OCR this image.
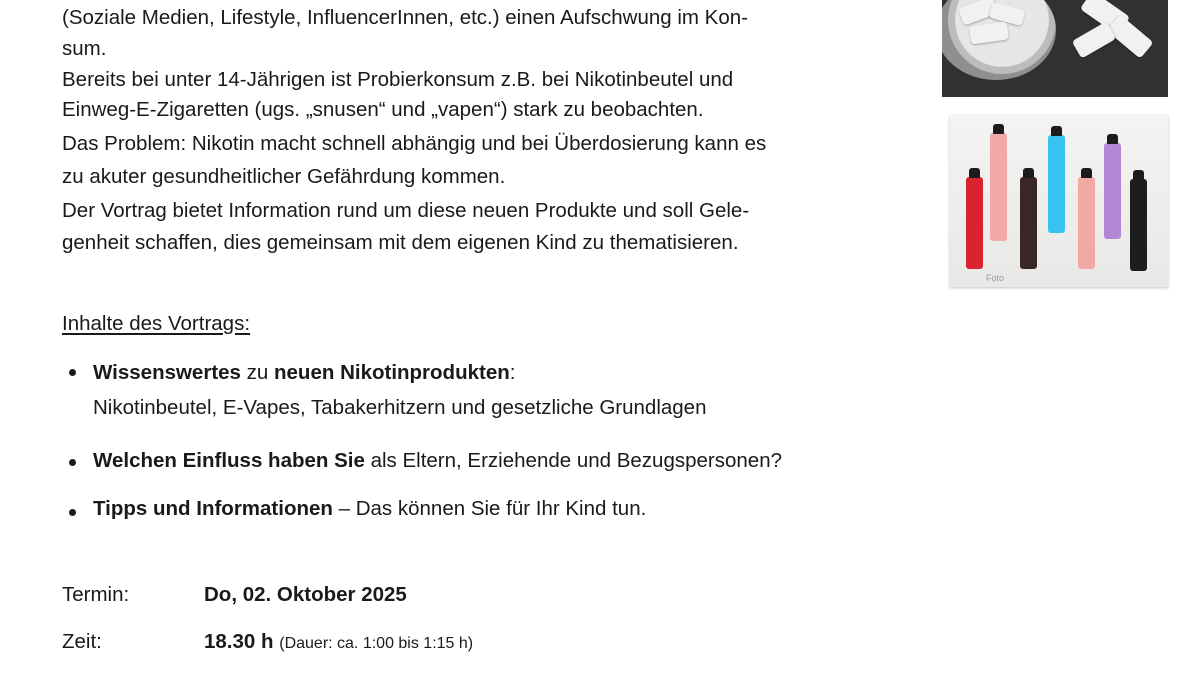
(Soziale Medien, Lifestyle, InfluencerInnen, etc.) einen Aufschwung im Kon-
sum.
Bereits bei unter 14-Jährigen ist Probierkonsum z.B. bei Nikotinbeutel und
Einweg-E-Zigaretten (ugs. „snusen“ und „vapen“) stark zu beobachten.
Das Problem: Nikotin macht schnell abhängig und bei Überdosierung kann es
zu akuter gesundheitlicher Gefährdung kommen.
Der Vortrag bietet Information rund um diese neuen Produkte und soll Gele-
genheit schaffen, dies gemeinsam mit dem eigenen Kind zu thematisieren.
Inhalte des Vortrags:
Wissenswertes zu neuen Nikotinprodukten:
Nikotinbeutel, E-Vapes, Tabakerhitzern und gesetzliche Grundlagen
Welchen Einfluss haben Sie als Eltern, Erziehende und Bezugspersonen?
Tipps und Informationen – Das können Sie für Ihr Kind tun.
Termin:	Do, 02. Oktober 2025
Zeit:	18.30 h (Dauer: ca. 1:00 bis 1:15 h)
Foto
